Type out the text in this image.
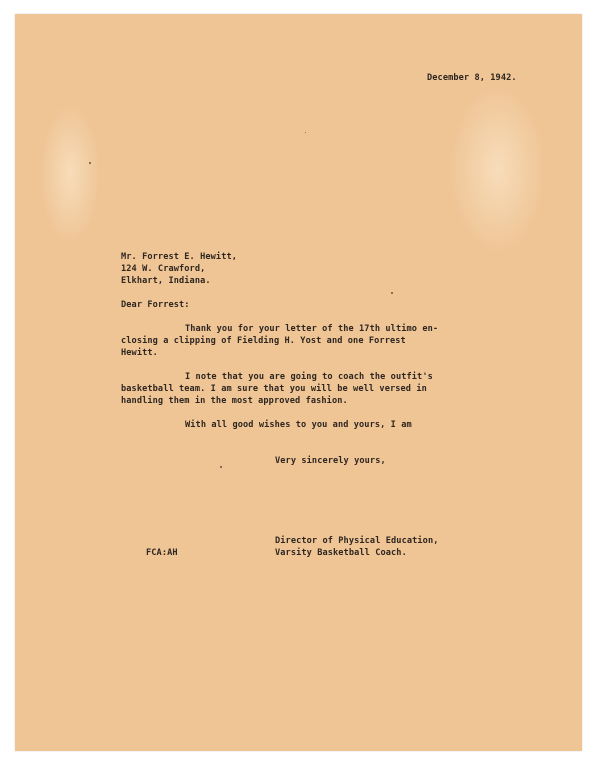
December 8, 1942.
Mr. Forrest E. Hewitt,
124 W. Crawford,
Elkhart, Indiana.
Dear Forrest:
Thank you for your letter of the 17th ultimo en-
closing a clipping of Fielding H. Yost and one Forrest
Hewitt.
I note that you are going to coach the outfit's
basketball team. I am sure that you will be well versed in
handling them in the most approved fashion.
With all good wishes to you and yours, I am
Very sincerely yours,
Director of Physical Education,
Varsity Basketball Coach.
FCA:AH
